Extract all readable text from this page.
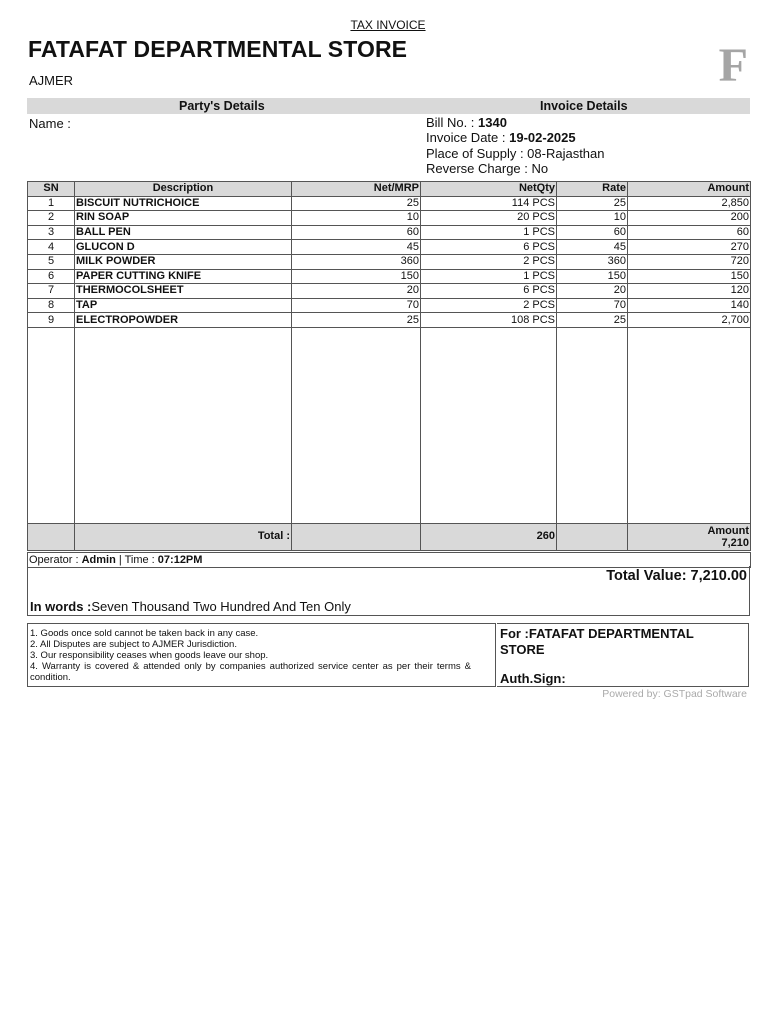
TAX INVOICE
FATAFAT DEPARTMENTAL STORE
AJMER	F
Party's Details	Invoice Details
Name :	Bill No. : 1340
Invoice Date : 19-02-2025
Place of Supply : 08-Rajasthan
Reverse Charge : No
SN	Description	Net/MRP	NetQty	Rate	Amount
1	BISCUIT NUTRICHOICE	25	114 PCS	25	2,850
2	RIN SOAP	10	20 PCS	10	200
3	BALL PEN	60	1 PCS	60	60
4	GLUCON D	45	6 PCS	45	270
5	MILK POWDER	360	2 PCS	360	720
6	PAPER CUTTING KNIFE	150	1 PCS	150	150
7	THERMOCOLSHEET	20	6 PCS	20	120
8	TAP	70	2 PCS	70	140
9	ELECTROPOWDER	25	108 PCS	25	2,700

	Total :		260		Amount
7,210
Operator : Admin | Time : 07:12PM
Total Value: 7,210.00
In words :Seven Thousand Two Hundred And Ten Only
1. Goods once sold cannot be taken back in any case.
2. All Disputes are subject to AJMER Jurisdiction.
3. Our responsibility ceases when goods leave our shop.
4. Warranty is covered & attended only by companies authorized service center as per their terms & condition.
For :FATAFAT DEPARTMENTAL STORE
Auth.Sign:
Powered by: GSTpad Software
